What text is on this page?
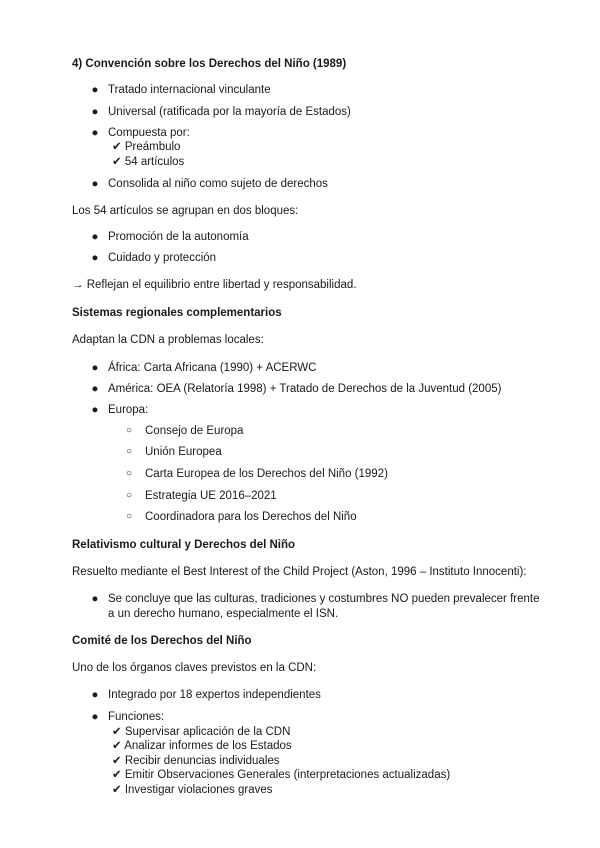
4) Convención sobre los Derechos del Niño (1989)
● Tratado internacional vinculante
● Universal (ratificada por la mayoría de Estados)
● Compuesta por:
✔ Preámbulo
✔ 54 artículos
● Consolida al niño como sujeto de derechos
Los 54 artículos se agrupan en dos bloques:
● Promoción de la autonomía
● Cuidado y protección
→ Reflejan el equilibrio entre libertad y responsabilidad.
Sistemas regionales complementarios
Adaptan la CDN a problemas locales:
● África: Carta Africana (1990) + ACERWC
● América: OEA (Relatoría 1998) + Tratado de Derechos de la Juventud (2005)
● Europa:
○ Consejo de Europa
○ Unión Europea
○ Carta Europea de los Derechos del Niño (1992)
○ Estrategia UE 2016–2021
○ Coordinadora para los Derechos del Niño
Relativismo cultural y Derechos del Niño
Resuelto mediante el Best Interest of the Child Project (Aston, 1996 – Instituto Innocenti):
● Se concluye que las culturas, tradiciones y costumbres NO pueden prevalecer frente
a un derecho humano, especialmente el ISN.
Comité de los Derechos del Niño
Uno de los órganos claves previstos en la CDN:
● Integrado por 18 expertos independientes
● Funciones:
✔ Supervisar aplicación de la CDN
✔ Analizar informes de los Estados
✔ Recibir denuncias individuales
✔ Emitir Observaciones Generales (interpretaciones actualizadas)
✔ Investigar violaciones graves
